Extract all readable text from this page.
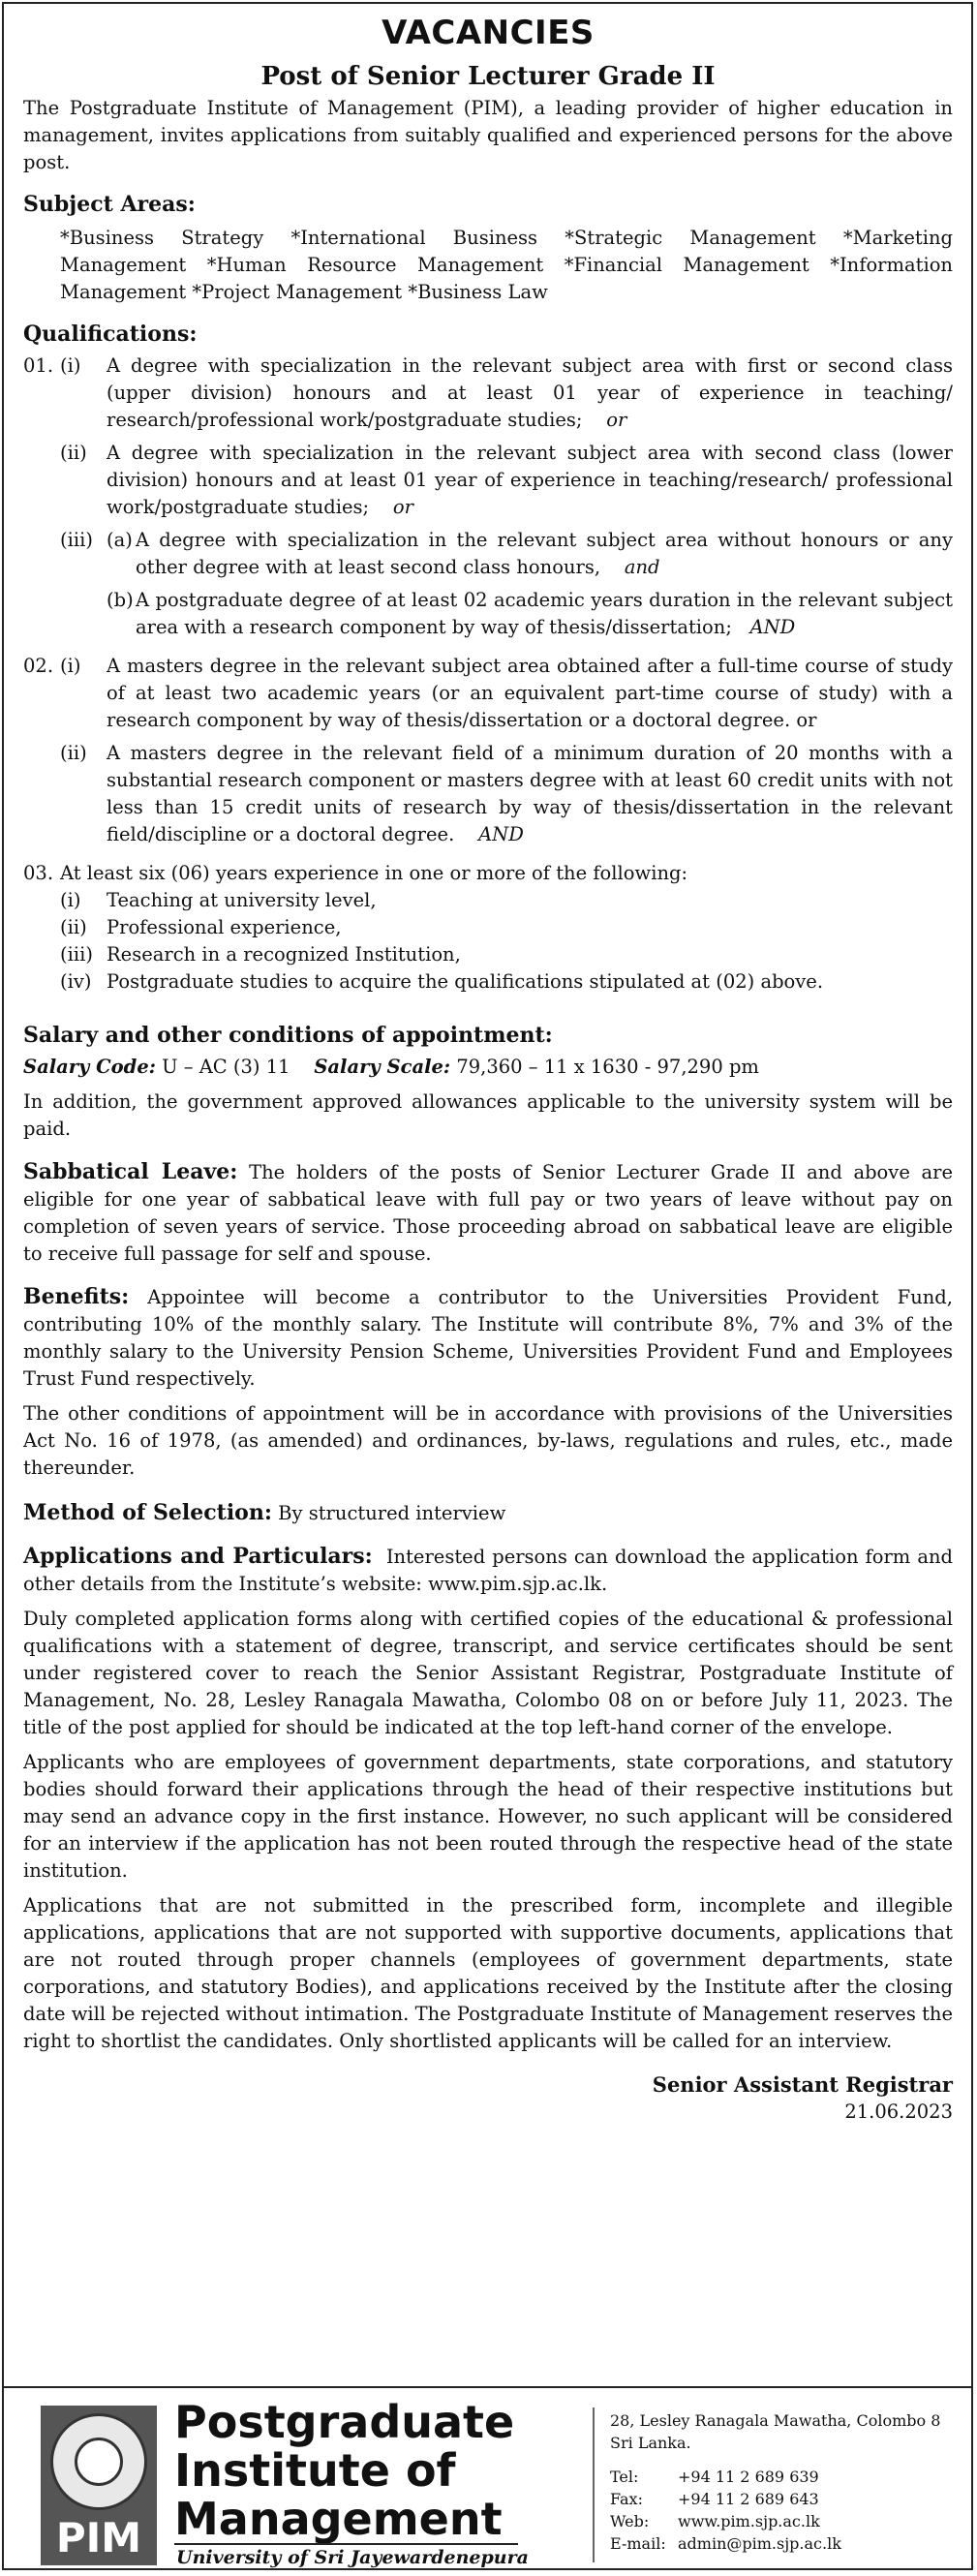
VACANCIES
Post of Senior Lecturer Grade II

The Postgraduate Institute of Management (PIM), a leading provider of higher education in management, invites applications from suitably qualified and experienced persons for the above post.

Subject Areas:

*Business Strategy *International Business *Strategic Management *Marketing Management *Human Resource Management *Financial Management *Information Management *Project Management *Business Law

Qualifications:
01. (i)	A degree with specialization in the relevant subject area with first or second class (upper division) honours and at least 01 year of experience in teaching/ research/professional work/postgraduate studies; or
(ii)	A degree with specialization in the relevant subject area with second class (lower division) honours and at least 01 year of experience in teaching/research/ professional work/postgraduate studies; or
(iii) (a) A degree with specialization in the relevant subject area without honours or any other degree with at least second class honours, and
(b) A postgraduate degree of at least 02 academic years duration in the relevant subject area with a research component by way of thesis/dissertation; AND
02. (i)	A masters degree in the relevant subject area obtained after a full-time course of study of at least two academic years (or an equivalent part-time course of study) with a research component by way of thesis/dissertation or a doctoral degree. or
(ii)	A masters degree in the relevant field of a minimum duration of 20 months with a substantial research component or masters degree with at least 60 credit units with not less than 15 credit units of research by way of thesis/dissertation in the relevant field/discipline or a doctoral degree. AND
03. At least six (06) years experience in one or more of the following:
(i)	Teaching at university level,
(ii)	Professional experience,
(iii) Research in a recognized Institution,
(iv) Postgraduate studies to acquire the qualifications stipulated at (02) above.
Salary and other conditions of appointment:

Salary Code: U – AC (3) 11 Salary Scale: 79,360 – 11 x 1630 - 97,290 pm

In addition, the government approved allowances applicable to the university system will be paid.

Sabbatical Leave: The holders of the posts of Senior Lecturer Grade II and above are eligible for one year of sabbatical leave with full pay or two years of leave without pay on completion of seven years of service. Those proceeding abroad on sabbatical leave are eligible to receive full passage for self and spouse.

Benefits: Appointee will become a contributor to the Universities Provident Fund, contributing 10% of the monthly salary. The Institute will contribute 8%, 7% and 3% of the monthly salary to the University Pension Scheme, Universities Provident Fund and Employees Trust Fund respectively.

The other conditions of appointment will be in accordance with provisions of the Universities Act No. 16 of 1978, (as amended) and ordinances, by-laws, regulations and rules, etc., made thereunder.

Method of Selection: By structured interview

Applications and Particulars: Interested persons can download the application form and other details from the Institute’s website: www.pim.sjp.ac.lk.

Duly completed application forms along with certified copies of the educational & professional qualifications with a statement of degree, transcript, and service certificates should be sent under registered cover to reach the Senior Assistant Registrar, Postgraduate Institute of Management, No. 28, Lesley Ranagala Mawatha, Colombo 08 on or before July 11, 2023. The title of the post applied for should be indicated at the top left-hand corner of the envelope.

Applicants who are employees of government departments, state corporations, and statutory bodies should forward their applications through the head of their respective institutions but may send an advance copy in the first instance. However, no such applicant will be considered for an interview if the application has not been routed through the respective head of the state institution.

Applications that are not submitted in the prescribed form, incomplete and illegible applications, applications that are not supported with supportive documents, applications that are not routed through proper channels (employees of government departments, state corporations, and statutory Bodies), and applications received by the Institute after the closing date will be rejected without intimation. The Postgraduate Institute of Management reserves the right to shortlist the candidates. Only shortlisted applicants will be called for an interview.

Senior Assistant Registrar
21.06.2023
PIM
Postgraduate
Institute of
Management
University of Sri Jayewardenepura
28, Lesley Ranagala Mawatha, Colombo 8
Sri Lanka.
Tel:	+94 11 2 689 639
Fax:	+94 11 2 689 643
Web:	www.pim.sjp.ac.lk
E-mail:	admin@pim.sjp.ac.lk
